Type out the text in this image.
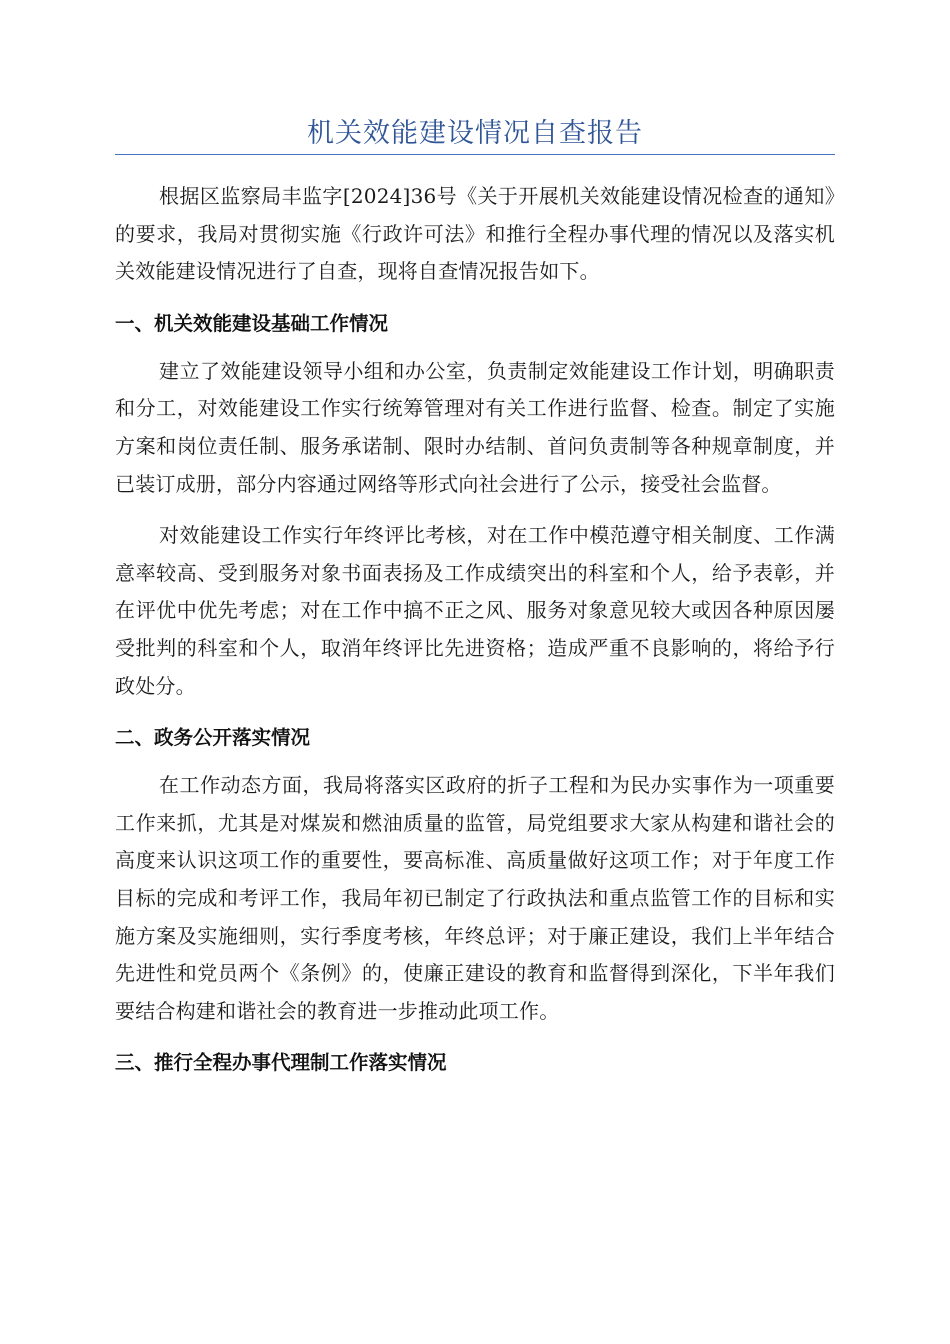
机关效能建设情况自查报告

根据区监察局丰监字[2024]36号《关于开展机关效能建设情况检查的通知》的要求，我局对贯彻实施《行政许可法》和推行全程办事代理的情况以及落实机关效能建设情况进行了自查，现将自查情况报告如下。

一、机关效能建设基础工作情况

建立了效能建设领导小组和办公室，负责制定效能建设工作计划，明确职责和分工，对效能建设工作实行统筹管理对有关工作进行监督、检查。制定了实施方案和岗位责任制、服务承诺制、限时办结制、首问负责制等各种规章制度，并已装订成册，部分内容通过网络等形式向社会进行了公示，接受社会监督。

对效能建设工作实行年终评比考核，对在工作中模范遵守相关制度、工作满意率较高、受到服务对象书面表扬及工作成绩突出的科室和个人，给予表彰，并在评优中优先考虑；对在工作中搞不正之风、服务对象意见较大或因各种原因屡受批判的科室和个人，取消年终评比先进资格；造成严重不良影响的，将给予行政处分。

二、政务公开落实情况

在工作动态方面，我局将落实区政府的折子工程和为民办实事作为一项重要工作来抓，尤其是对煤炭和燃油质量的监管，局党组要求大家从构建和谐社会的高度来认识这项工作的重要性，要高标准、高质量做好这项工作；对于年度工作目标的完成和考评工作，我局年初已制定了行政执法和重点监管工作的目标和实施方案及实施细则，实行季度考核，年终总评；对于廉正建设，我们上半年结合先进性和党员两个《条例》的，使廉正建设的教育和监督得到深化，下半年我们要结合构建和谐社会的教育进一步推动此项工作。

三、推行全程办事代理制工作落实情况
